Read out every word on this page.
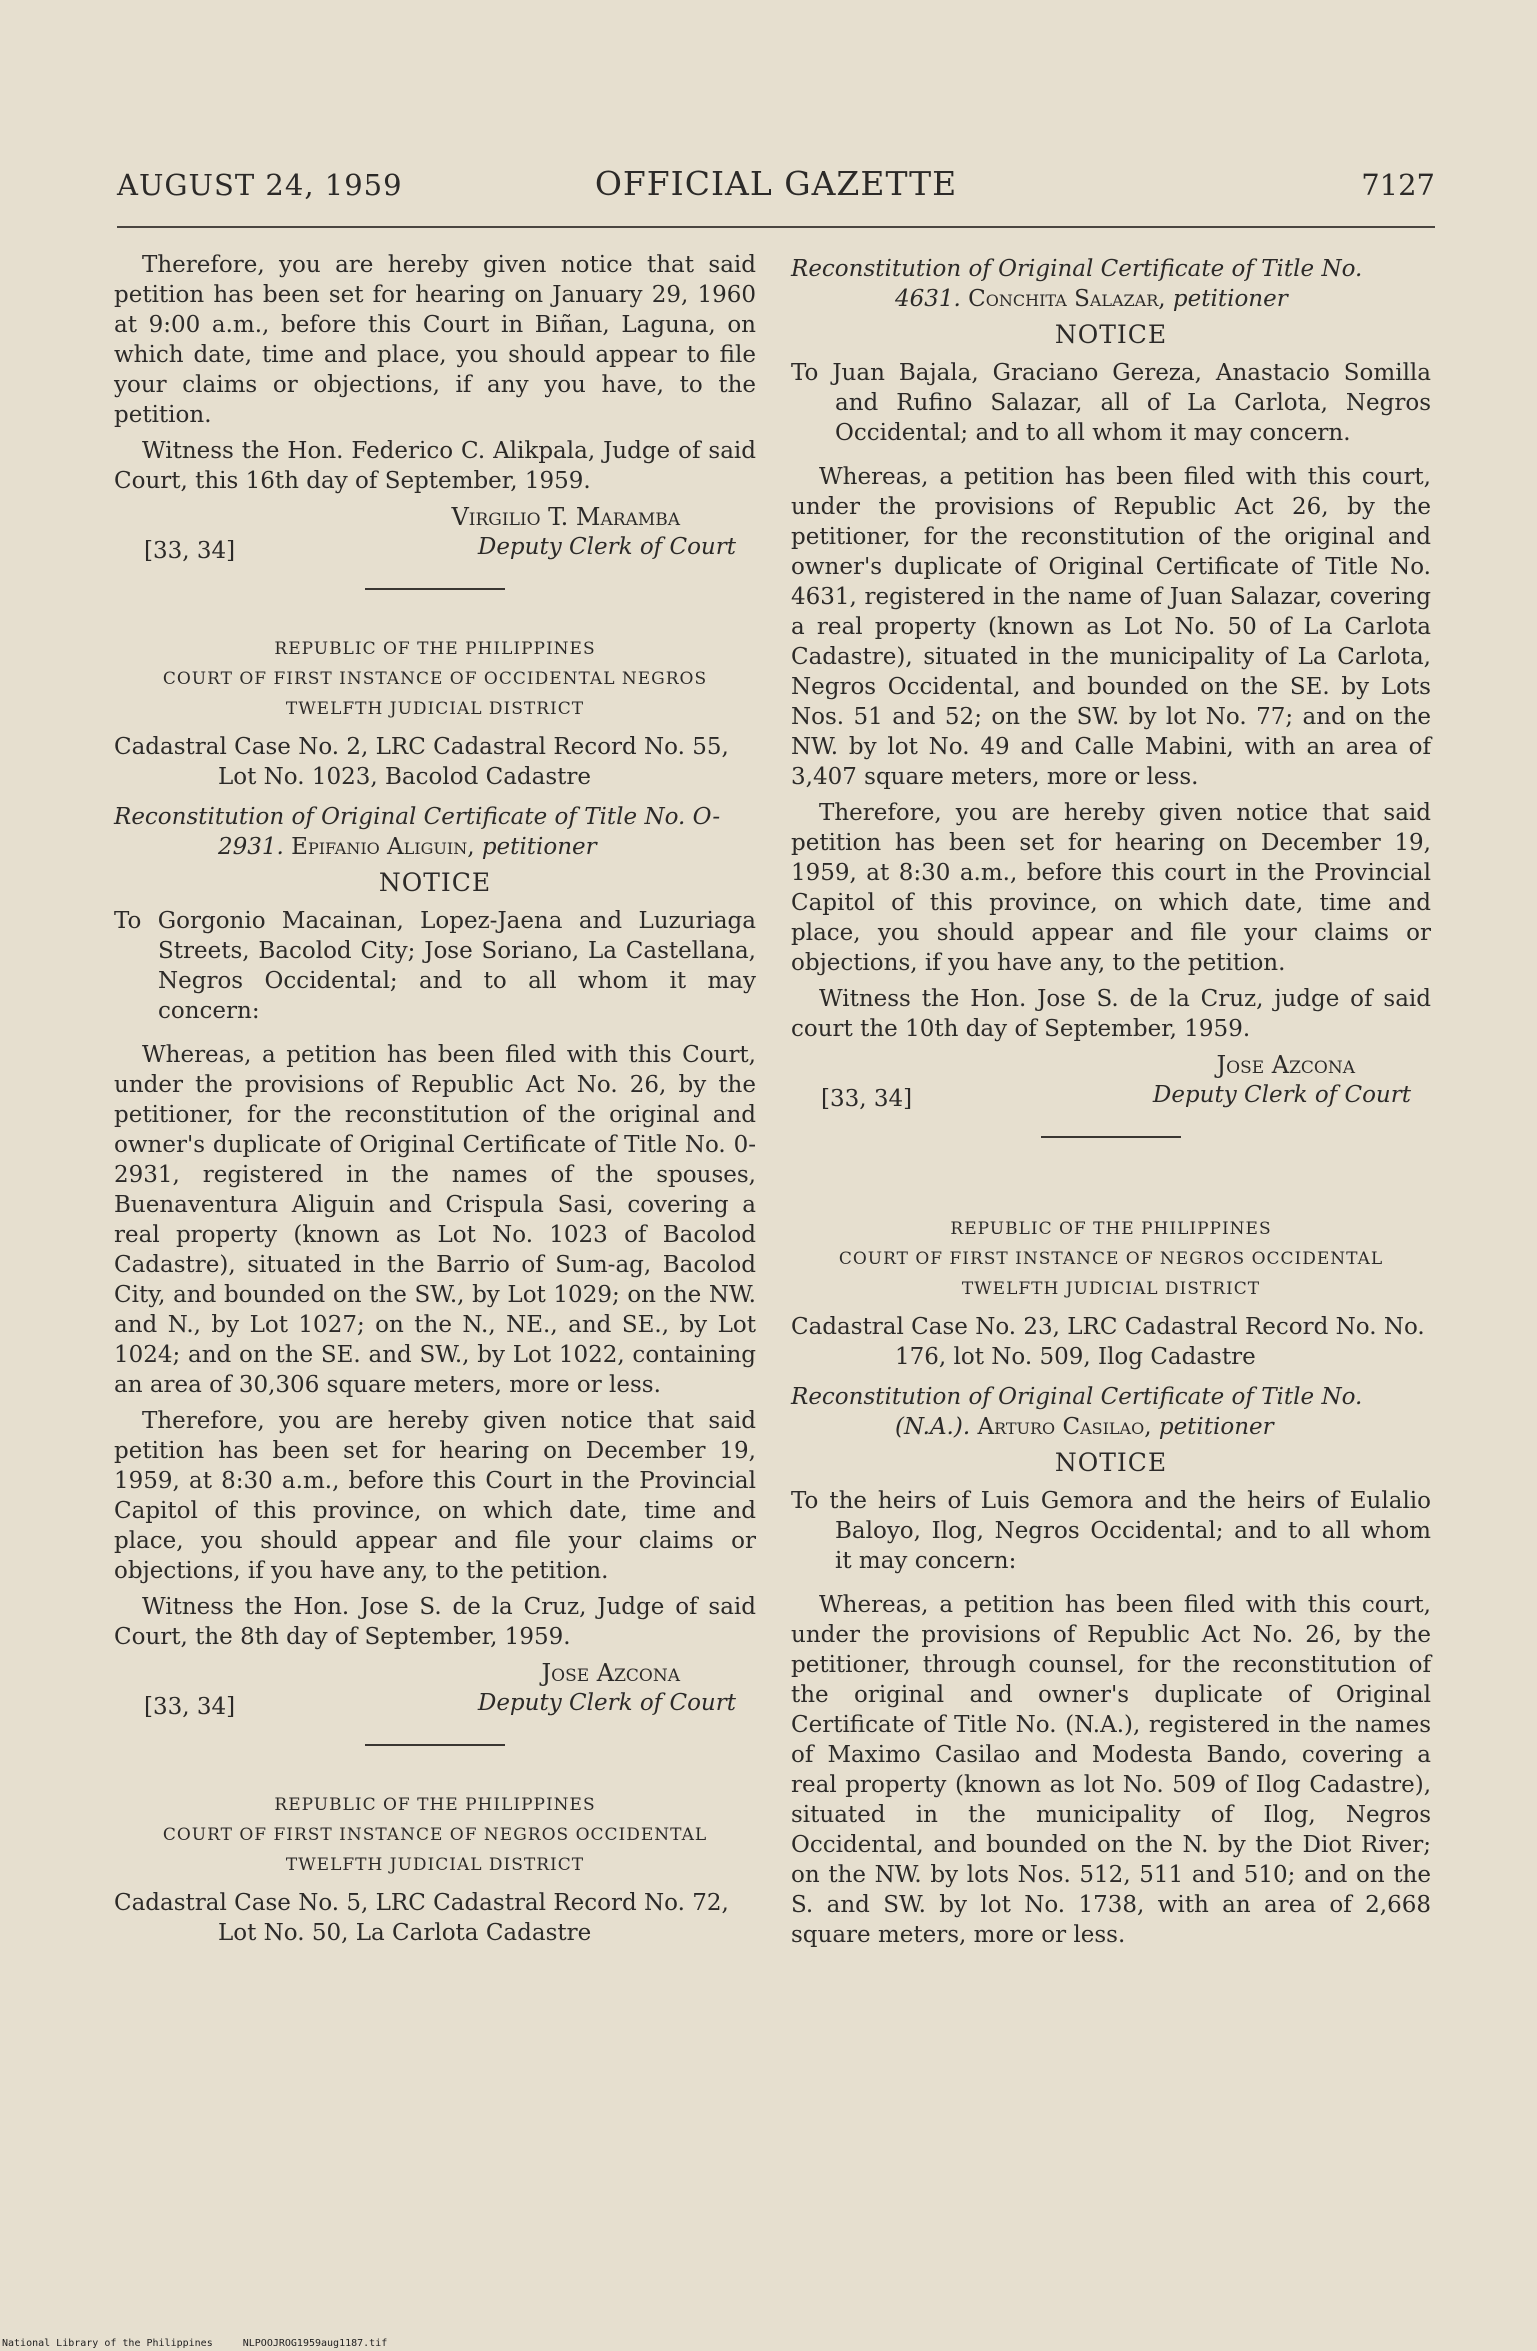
AUGUST 24, 1959	OFFICIAL GAZETTE	7127

Therefore, you are hereby given notice that said petition has been set for hearing on January 29, 1960 at 9:00 a.m., before this Court in Biñan, Laguna, on which date, time and place, you should appear to file your claims or objections, if any you have, to the petition.

Witness the Hon. Federico C. Alikpala, Judge of said Court, this 16th day of September, 1959.

Virgilio T. Maramba
[33, 34]	Deputy Clerk of Court
REPUBLIC OF THE PHILIPPINES
COURT OF FIRST INSTANCE OF OCCIDENTAL NEGROS
TWELFTH JUDICIAL DISTRICT

Cadastral Case No. 2, LRC Cadastral Record No. 55, Lot No. 1023, Bacolod Cadastre

Reconstitution of Original Certificate of Title No. O-2931. Epifanio Aliguin, petitioner

NOTICE

To Gorgonio Macainan, Lopez-Jaena and Luzuriaga Streets, Bacolod City; Jose Soriano, La Castellana, Negros Occidental; and to all whom it may concern:

Whereas, a petition has been filed with this Court, under the provisions of Republic Act No. 26, by the petitioner, for the reconstitution of the original and owner's duplicate of Original Certificate of Title No. 0-2931, registered in the names of the spouses, Buenaventura Aliguin and Crispula Sasi, covering a real property (known as Lot No. 1023 of Bacolod Cadastre), situated in the Barrio of Sum-ag, Bacolod City, and bounded on the SW., by Lot 1029; on the NW. and N., by Lot 1027; on the N., NE., and SE., by Lot 1024; and on the SE. and SW., by Lot 1022, containing an area of 30,306 square meters, more or less.

Therefore, you are hereby given notice that said petition has been set for hearing on December 19, 1959, at 8:30 a.m., before this Court in the Provincial Capitol of this province, on which date, time and place, you should appear and file your claims or objections, if you have any, to the petition.

Witness the Hon. Jose S. de la Cruz, Judge of said Court, the 8th day of September, 1959.

Jose Azcona
[33, 34]	Deputy Clerk of Court
REPUBLIC OF THE PHILIPPINES
COURT OF FIRST INSTANCE OF NEGROS OCCIDENTAL
TWELFTH JUDICIAL DISTRICT

Cadastral Case No. 5, LRC Cadastral Record No. 72, Lot No. 50, La Carlota Cadastre

Reconstitution of Original Certificate of Title No. 4631. Conchita Salazar, petitioner

NOTICE

To Juan Bajala, Graciano Gereza, Anastacio Somilla and Rufino Salazar, all of La Carlota, Negros Occidental; and to all whom it may concern.

Whereas, a petition has been filed with this court, under the provisions of Republic Act 26, by the petitioner, for the reconstitution of the original and owner's duplicate of Original Certificate of Title No. 4631, registered in the name of Juan Salazar, covering a real property (known as Lot No. 50 of La Carlota Cadastre), situated in the municipality of La Carlota, Negros Occidental, and bounded on the SE. by Lots Nos. 51 and 52; on the SW. by lot No. 77; and on the NW. by lot No. 49 and Calle Mabini, with an area of 3,407 square meters, more or less.

Therefore, you are hereby given notice that said petition has been set for hearing on December 19, 1959, at 8:30 a.m., before this court in the Provincial Capitol of this province, on which date, time and place, you should appear and file your claims or objections, if you have any, to the petition.

Witness the Hon. Jose S. de la Cruz, judge of said court the 10th day of September, 1959.

Jose Azcona
[33, 34]	Deputy Clerk of Court
REPUBLIC OF THE PHILIPPINES
COURT OF FIRST INSTANCE OF NEGROS OCCIDENTAL
TWELFTH JUDICIAL DISTRICT

Cadastral Case No. 23, LRC Cadastral Record No. No. 176, lot No. 509, Ilog Cadastre

Reconstitution of Original Certificate of Title No. (N.A.). Arturo Casilao, petitioner

NOTICE

To the heirs of Luis Gemora and the heirs of Eulalio Baloyo, Ilog, Negros Occidental; and to all whom it may concern:

Whereas, a petition has been filed with this court, under the provisions of Republic Act No. 26, by the petitioner, through counsel, for the reconstitution of the original and owner's duplicate of Original Certificate of Title No. (N.A.), registered in the names of Maximo Casilao and Modesta Bando, covering a real property (known as lot No. 509 of Ilog Cadastre), situated in the municipality of Ilog, Negros Occidental, and bounded on the N. by the Diot River; on the NW. by lots Nos. 512, 511 and 510; and on the S. and SW. by lot No. 1738, with an area of 2,668 square meters, more or less.

National Library of the Philippines	NLPOOJROG1959aug1187.tif
